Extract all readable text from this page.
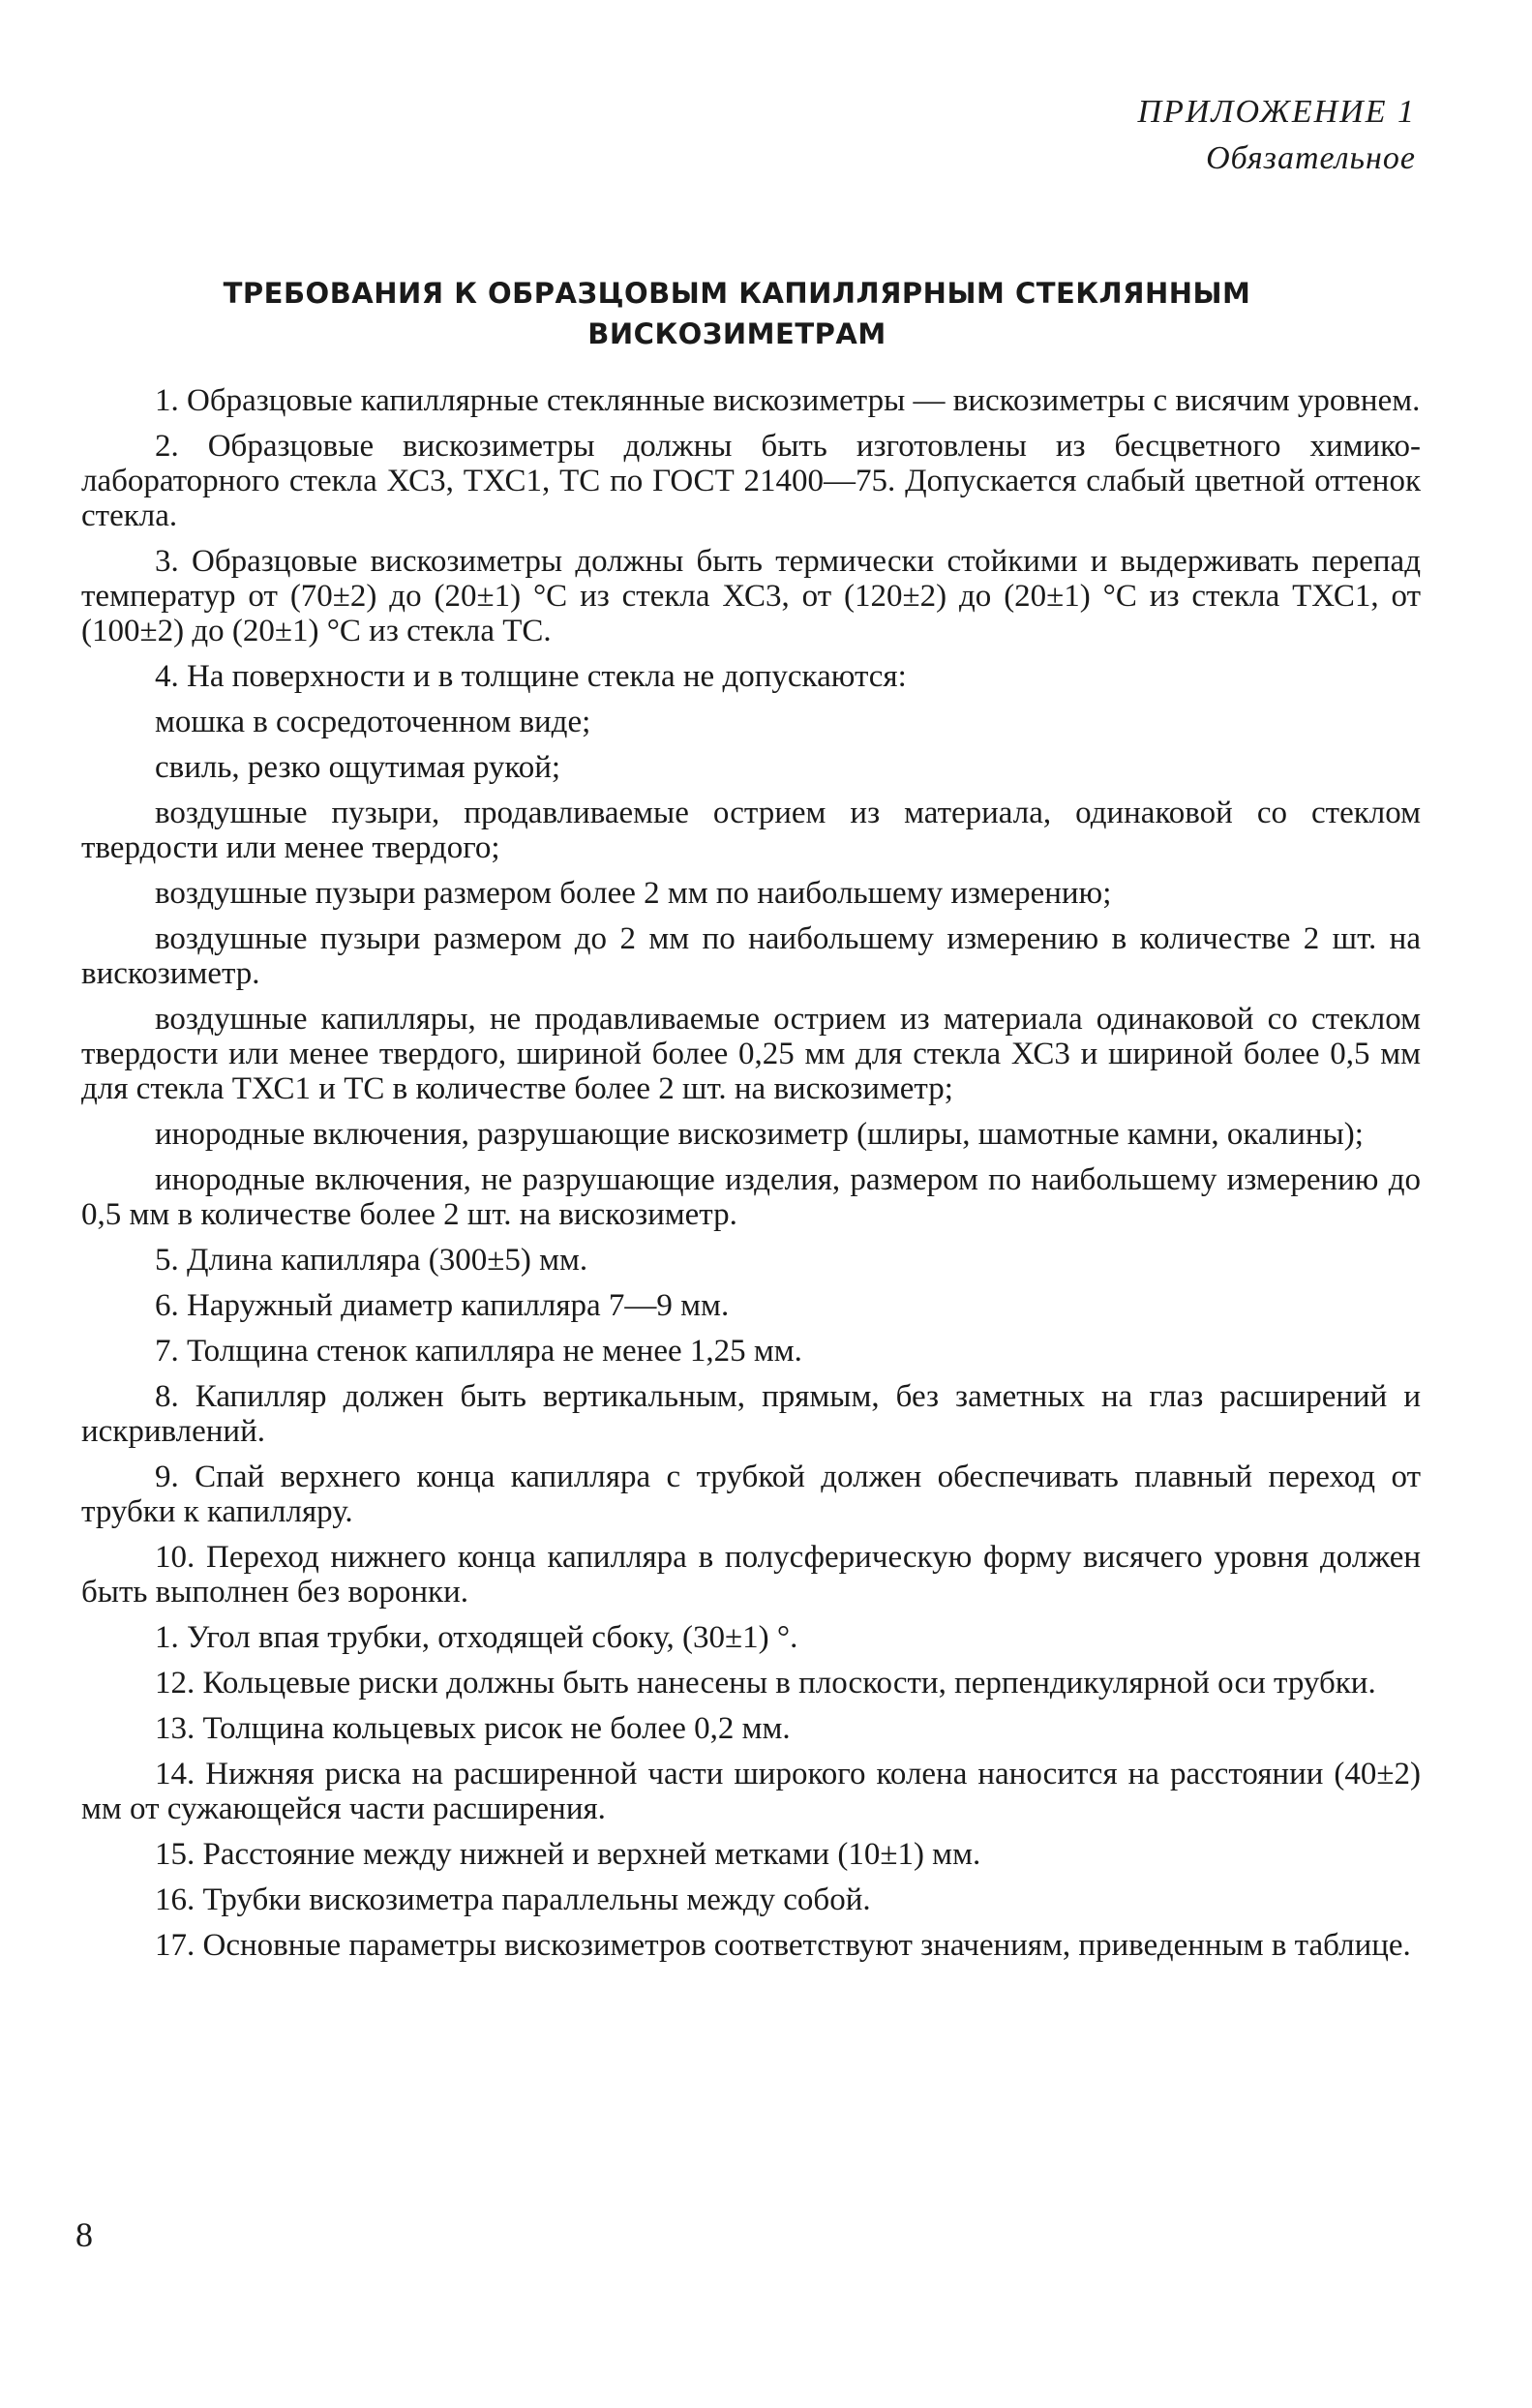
ПРИЛОЖЕНИЕ 1
Обязательное
ТРЕБОВАНИЯ К ОБРАЗЦОВЫМ КАПИЛЛЯРНЫМ СТЕКЛЯННЫМ ВИСКОЗИМЕТРАМ

1. Образцовые капиллярные стеклянные вискозиметры — вискозиметры с висячим уровнем.

2. Образцовые вискозиметры должны быть изготовлены из бесцветного химико-лабораторного стекла ХС3, ТХС1, ТС по ГОСТ 21400—75. Допускается слабый цветной оттенок стекла.

3. Образцовые вискозиметры должны быть термически стойкими и выдерживать перепад температур от (70±2) до (20±1) °С из стекла ХС3, от (120±2) до (20±1) °С из стекла ТХС1, от (100±2) до (20±1) °С из стекла ТС.

4. На поверхности и в толщине стекла не допускаются:

мошка в сосредоточенном виде;

свиль, резко ощутимая рукой;

воздушные пузыри, продавливаемые острием из материала, одинаковой со стеклом твердости или менее твердого;

воздушные пузыри размером более 2 мм по наибольшему измерению;

воздушные пузыри размером до 2 мм по наибольшему измерению в количестве 2 шт. на вискозиметр.

воздушные капилляры, не продавливаемые острием из материала одинаковой со стеклом твердости или менее твердого, шириной более 0,25 мм для стекла ХС3 и шириной более 0,5 мм для стекла ТХС1 и ТС в количестве более 2 шт. на вискозиметр;

инородные включения, разрушающие вискозиметр (шлиры, шамотные камни, окалины);

инородные включения, не разрушающие изделия, размером по наибольшему измерению до 0,5 мм в количестве более 2 шт. на вискозиметр.

5. Длина капилляра (300±5) мм.

6. Наружный диаметр капилляра 7—9 мм.

7. Толщина стенок капилляра не менее 1,25 мм.

8. Капилляр должен быть вертикальным, прямым, без заметных на глаз расширений и искривлений.

9. Спай верхнего конца капилляра с трубкой должен обеспечивать плавный переход от трубки к капилляру.

10. Переход нижнего конца капилляра в полусферическую форму висячего уровня должен быть выполнен без воронки.

1. Угол впая трубки, отходящей сбоку, (30±1) °.

12. Кольцевые риски должны быть нанесены в плоскости, перпендикулярной оси трубки.

13. Толщина кольцевых рисок не более 0,2 мм.

14. Нижняя риска на расширенной части широкого колена наносится на расстоянии (40±2) мм от сужающейся части расширения.

15. Расстояние между нижней и верхней метками (10±1) мм.

16. Трубки вискозиметра параллельны между собой.

17. Основные параметры вискозиметров соответствуют значениям, приведенным в таблице.

8
